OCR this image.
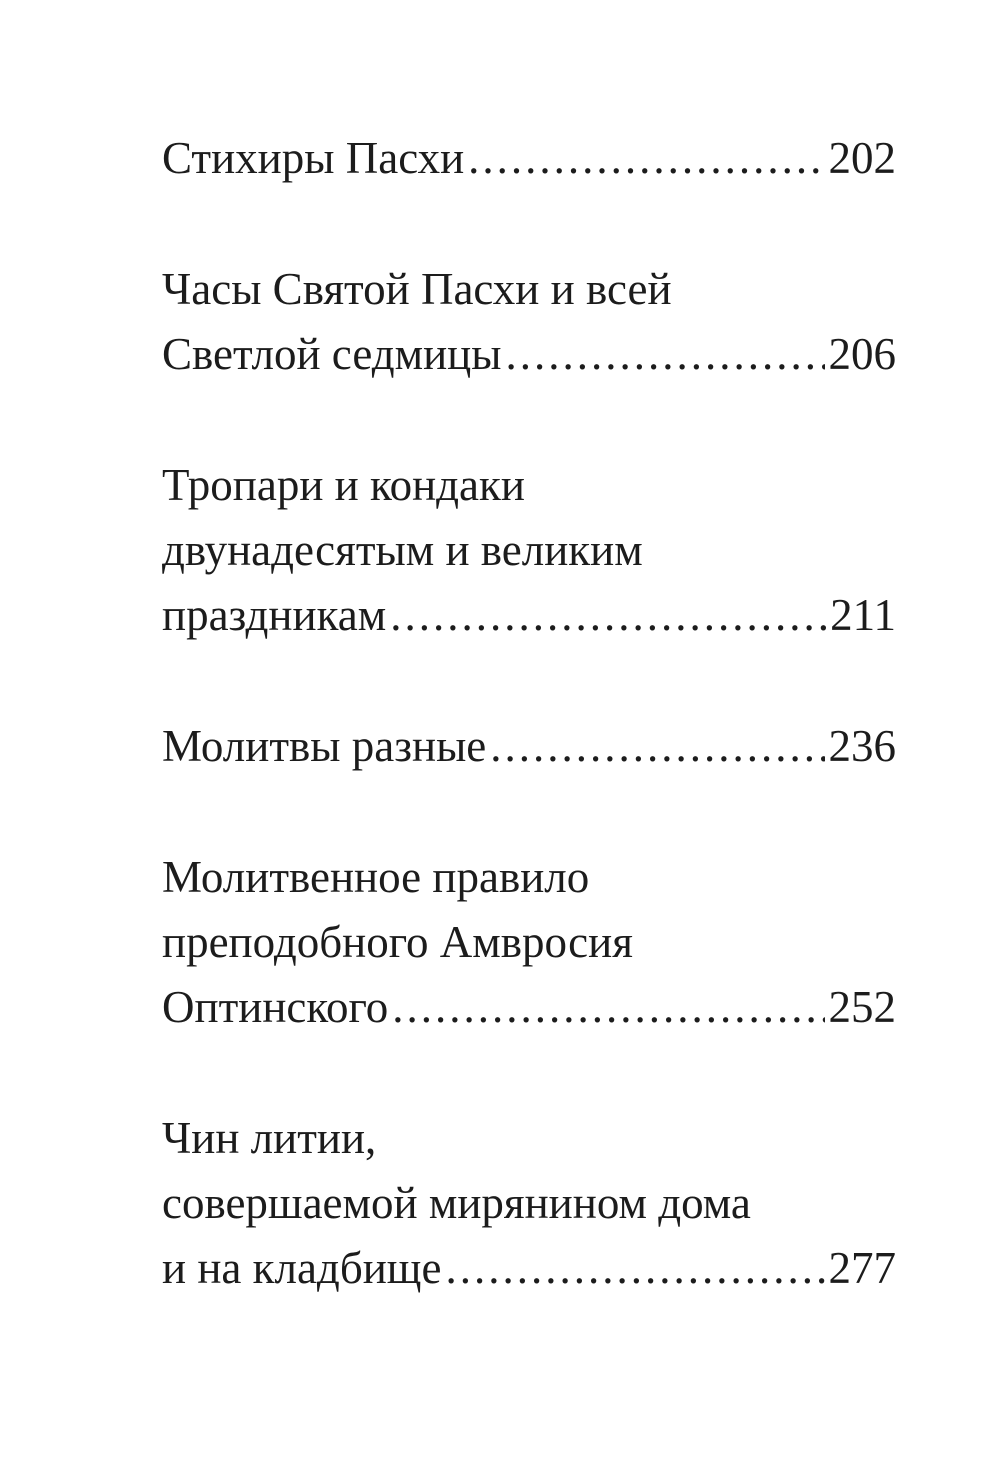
Стихиры Пасхи .....	202
Часы Святой Пасхи и всей
Светлой седмицы .....	206
Тропари и кондаки
двунадесятым и великим
праздникам .....	211
Молитвы разные .....	236
Молитвенное правило
преподобного Амвросия
Оптинского .....	252
Чин литии,
совершаемой мирянином дома
и на кладбище .....	277
